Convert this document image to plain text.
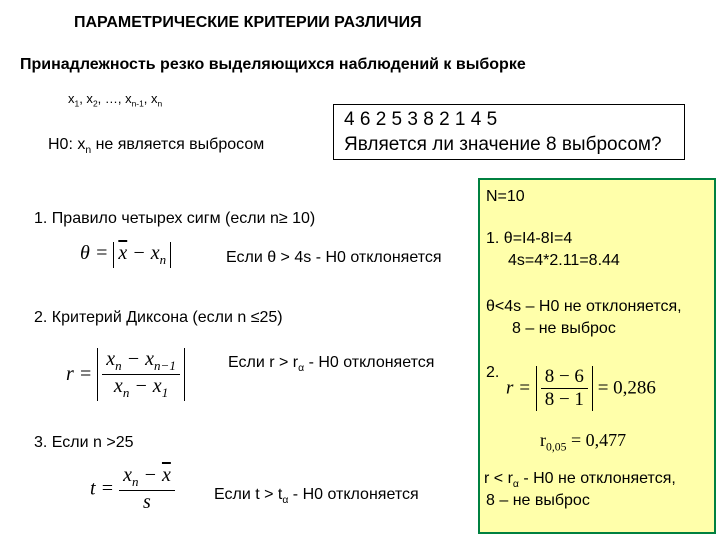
ПАРАМЕТРИЧЕСКИЕ КРИТЕРИИ РАЗЛИЧИЯ
Принадлежность резко выделяющихся наблюдений к выборке
$x_1$, $x_2$, …, $x_{n-1}$, $x_n$
H0: $x_n$ не является выбросом
4 6 2 5 3 8 2 1 4 5
Является ли значение 8 выбросом?
1. Правило четырех сигм (если n≥ 10)
$\theta = \overline{x} - x_n$	Если θ > 4s - H0 отклоняется
2. Критерий Диксона (если n ≤25)
$r = \frac{x_n - x_{n-1}}{x_n - x_1}$	Если $r > r_\alpha - H0$ отклоняется
3. Если n >25
$t = \frac{x_n - \overline{x}}{s}$ Если $t > t_\alpha - H0$ отклоняется
N=10
1. θ=I4-8I=4
4s=4*2.11=8.44
θ<4s – H0 не отклоняется,
8 – не выброс
2.
$r = \frac{8 - 6}{8 - 1} = 0,286$
$r_{0,05} = 0,477$
$r < r_\alpha - H0$ не отклоняется,
8 – не выброс
